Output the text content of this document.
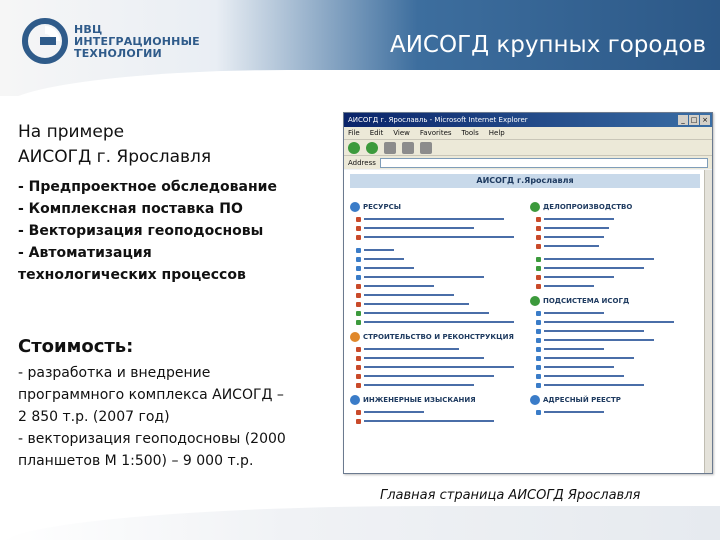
НВЦ
ИНТЕГРАЦИОННЫЕ
ТЕХНОЛОГИИ	АИСОГД крупных городов
На примере
АИСОГД г. Ярославля
- Предпроектное обследование
- Комплексная поставка ПО
- Векторизация геоподосновы
- Автоматизация
технологических процессов
Стоимость:
- разработка и внедрение
программного комплекса АИСОГД –
2 850 т.р. (2007 год)
- векторизация геоподосновы (2000
планшетов М 1:500) – 9 000 т.р.
АИСОГД г. Ярославль - Microsoft Internet Explorer	_ □ ×
File Edit View Favorites Tools Help
Address
АИСОГД г.Ярославля
РЕСУРСЫ
СТРОИТЕЛЬСТВО И РЕКОНСТРУКЦИЯ
ИНЖЕНЕРНЫЕ ИЗЫСКАНИЯ
ДЕЛОПРОИЗВОДСТВО
ПОДСИСТЕМА ИСОГД
АДРЕСНЫЙ РЕЕСТР
Главная страница АИСОГД Ярославля
